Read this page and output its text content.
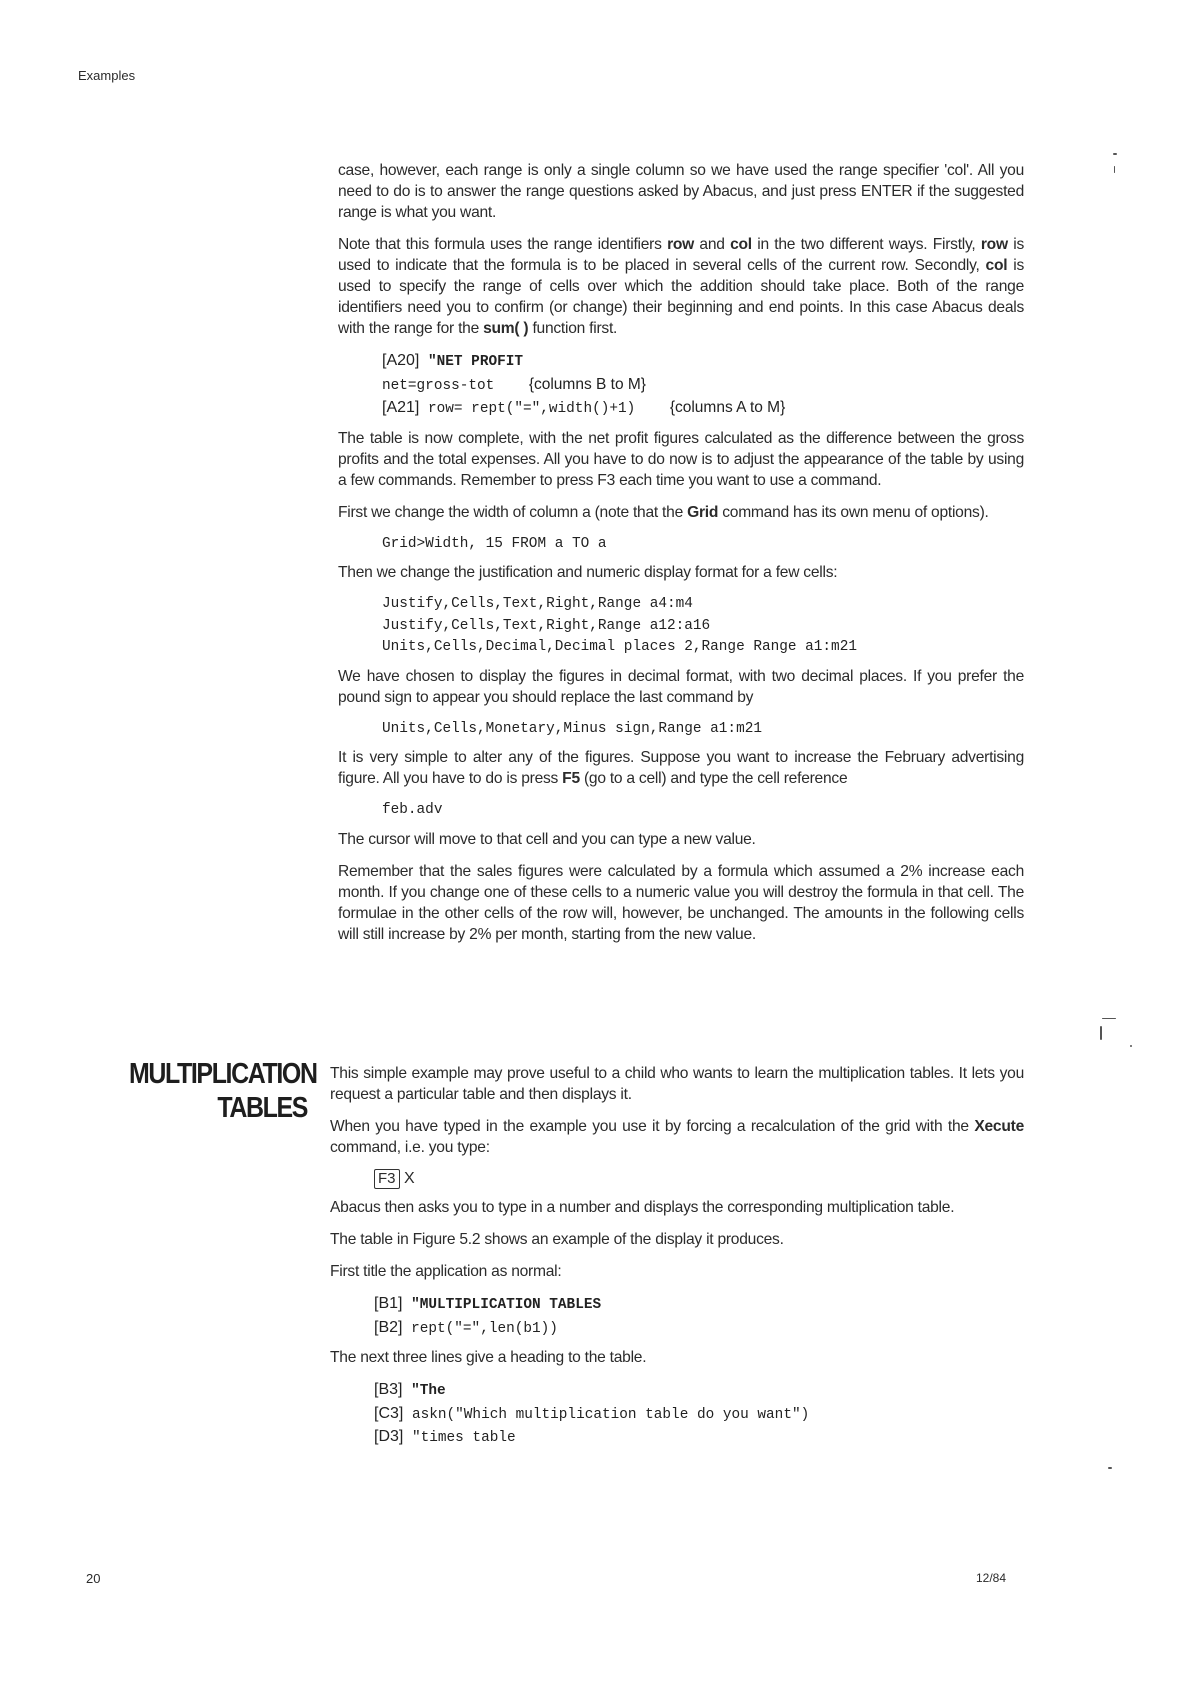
Examples

case, however, each range is only a single column so we have used the range specifier 'col'. All you need to do is to answer the range questions asked by Abacus, and just press ENTER if the suggested range is what you want.

Note that this formula uses the range identifiers row and col in the two different ways. Firstly, row is used to indicate that the formula is to be placed in several cells of the current row. Secondly, col is used to specify the range of cells over which the addition should take place. Both of the range identifiers need you to confirm (or change) their beginning and end points. In this case Abacus deals with the range for the sum( ) function first.

[A20] "NET PROFIT
net=gross-tot {columns B to M}
[A21] row= rept("=",width()+1) {columns A to M}

The table is now complete, with the net profit figures calculated as the difference between the gross profits and the total expenses. All you have to do now is to adjust the appearance of the table by using a few commands. Remember to press F3 each time you want to use a command.

First we change the width of column a (note that the Grid command has its own menu of options).

Grid>Width, 15 FROM a TO a

Then we change the justification and numeric display format for a few cells:

Justify,Cells,Text,Right,Range a4:m4
Justify,Cells,Text,Right,Range a12:a16
Units,Cells,Decimal,Decimal places 2,Range Range a1:m21

We have chosen to display the figures in decimal format, with two decimal places. If you prefer the pound sign to appear you should replace the last command by

Units,Cells,Monetary,Minus sign,Range a1:m21

It is very simple to alter any of the figures. Suppose you want to increase the February advertising figure. All you have to do is press F5 (go to a cell) and type the cell reference

feb.adv

The cursor will move to that cell and you can type a new value.

Remember that the sales figures were calculated by a formula which assumed a 2% increase each month. If you change one of these cells to a numeric value you will destroy the formula in that cell. The formulae in the other cells of the row will, however, be unchanged. The amounts in the following cells will still increase by 2% per month, starting from the new value.

MULTIPLICATION
TABLES

This simple example may prove useful to a child who wants to learn the multiplication tables. It lets you request a particular table and then displays it.

When you have typed in the example you use it by forcing a recalculation of the grid with the Xecute command, i.e. you type:

F3 X

Abacus then asks you to type in a number and displays the corresponding multiplication table.

The table in Figure 5.2 shows an example of the display it produces.

First title the application as normal:

[B1] "MULTIPLICATION TABLES
[B2] rept("=",len(b1))

The next three lines give a heading to the table.

[B3] "The
[C3] askn("Which multiplication table do you want")
[D3] "times table
20	12/84
